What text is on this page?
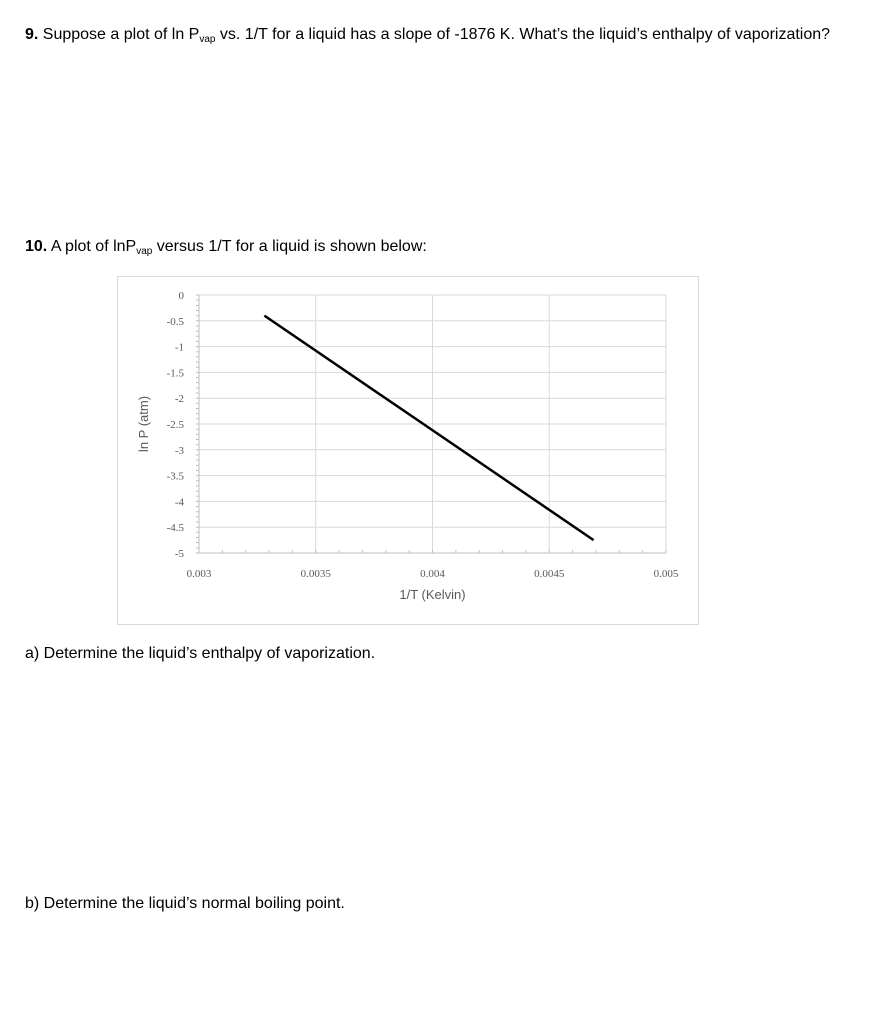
9. Suppose a plot of $\ln P_{vap}$ vs. 1/T for a liquid has a slope of -1876 K. What’s the liquid’s enthalpy of vaporization?
10. A plot of lnP$_{vap}$ versus 1/T for a liquid is shown below:
0
-0.5
-1
-1.5
-2
-2.5
-3
-3.5
-4
-4.5
-5
0.003	0.0035	0.004	0.0045	0.005
1/T (Kelvin)
ln P (atm)
a) Determine the liquid’s enthalpy of vaporization.
b) Determine the liquid’s normal boiling point.
